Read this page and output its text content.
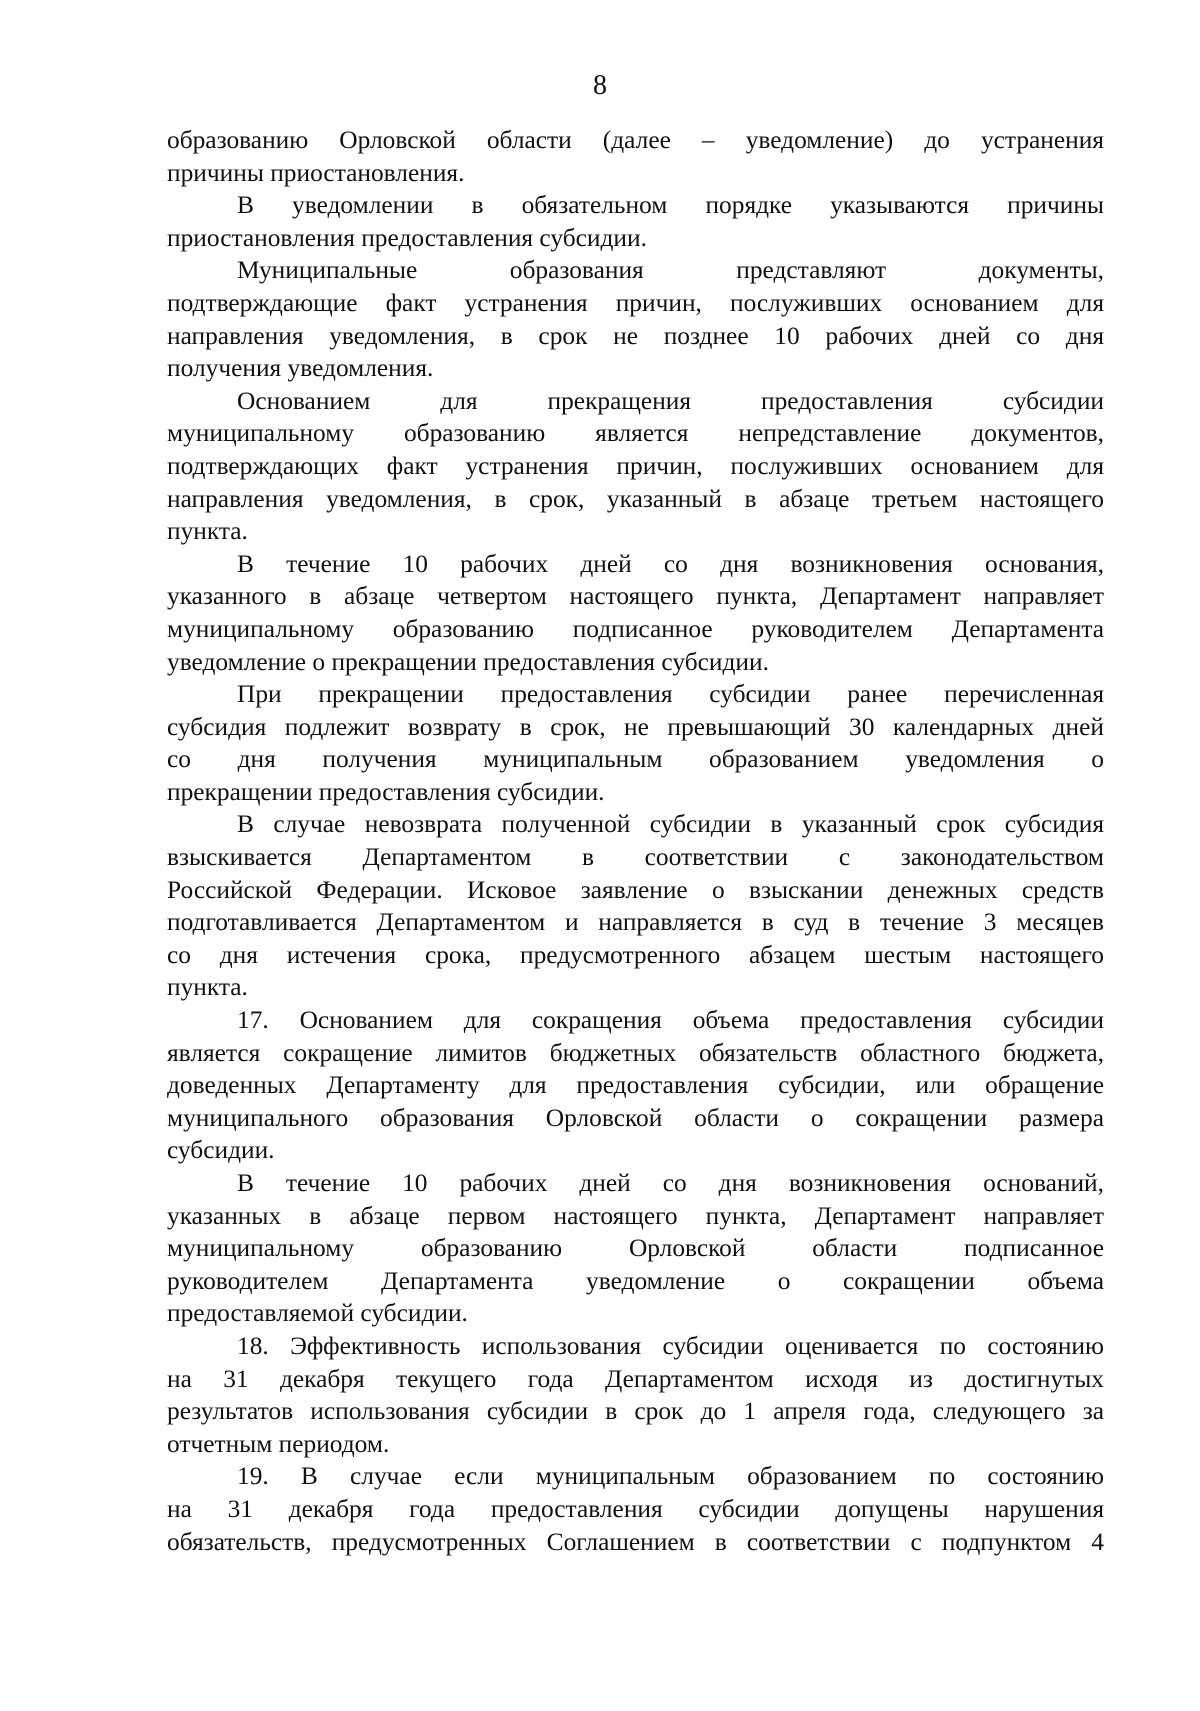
8
образованию Орловской области (далее – уведомление) до устранения
причины приостановления.
В уведомлении в обязательном порядке указываются причины
приостановления предоставления субсидии.
Муниципальные образования представляют документы,
подтверждающие факт устранения причин, послуживших основанием для
направления уведомления, в срок не позднее 10 рабочих дней со дня
получения уведомления.
Основанием для прекращения предоставления субсидии
муниципальному образованию является непредставление документов,
подтверждающих факт устранения причин, послуживших основанием для
направления уведомления, в срок, указанный в абзаце третьем настоящего
пункта.
В течение 10 рабочих дней со дня возникновения основания,
указанного в абзаце четвертом настоящего пункта, Департамент направляет
муниципальному образованию подписанное руководителем Департамента
уведомление о прекращении предоставления субсидии.
При прекращении предоставления субсидии ранее перечисленная
субсидия подлежит возврату в срок, не превышающий 30 календарных дней
со дня получения муниципальным образованием уведомления о
прекращении предоставления субсидии.
В случае невозврата полученной субсидии в указанный срок субсидия
взыскивается Департаментом в соответствии с законодательством
Российской Федерации. Исковое заявление о взыскании денежных средств
подготавливается Департаментом и направляется в суд в течение 3 месяцев
со дня истечения срока, предусмотренного абзацем шестым настоящего
пункта.
17. Основанием для сокращения объема предоставления субсидии
является сокращение лимитов бюджетных обязательств областного бюджета,
доведенных Департаменту для предоставления субсидии, или обращение
муниципального образования Орловской области о сокращении размера
субсидии.
В течение 10 рабочих дней со дня возникновения оснований,
указанных в абзаце первом настоящего пункта, Департамент направляет
муниципальному образованию Орловской области подписанное
руководителем Департамента уведомление о сокращении объема
предоставляемой субсидии.
18. Эффективность использования субсидии оценивается по состоянию
на 31 декабря текущего года Департаментом исходя из достигнутых
результатов использования субсидии в срок до 1 апреля года, следующего за
отчетным периодом.
19. В случае если муниципальным образованием по состоянию
на 31 декабря года предоставления субсидии допущены нарушения
обязательств, предусмотренных Соглашением в соответствии с подпунктом 4
